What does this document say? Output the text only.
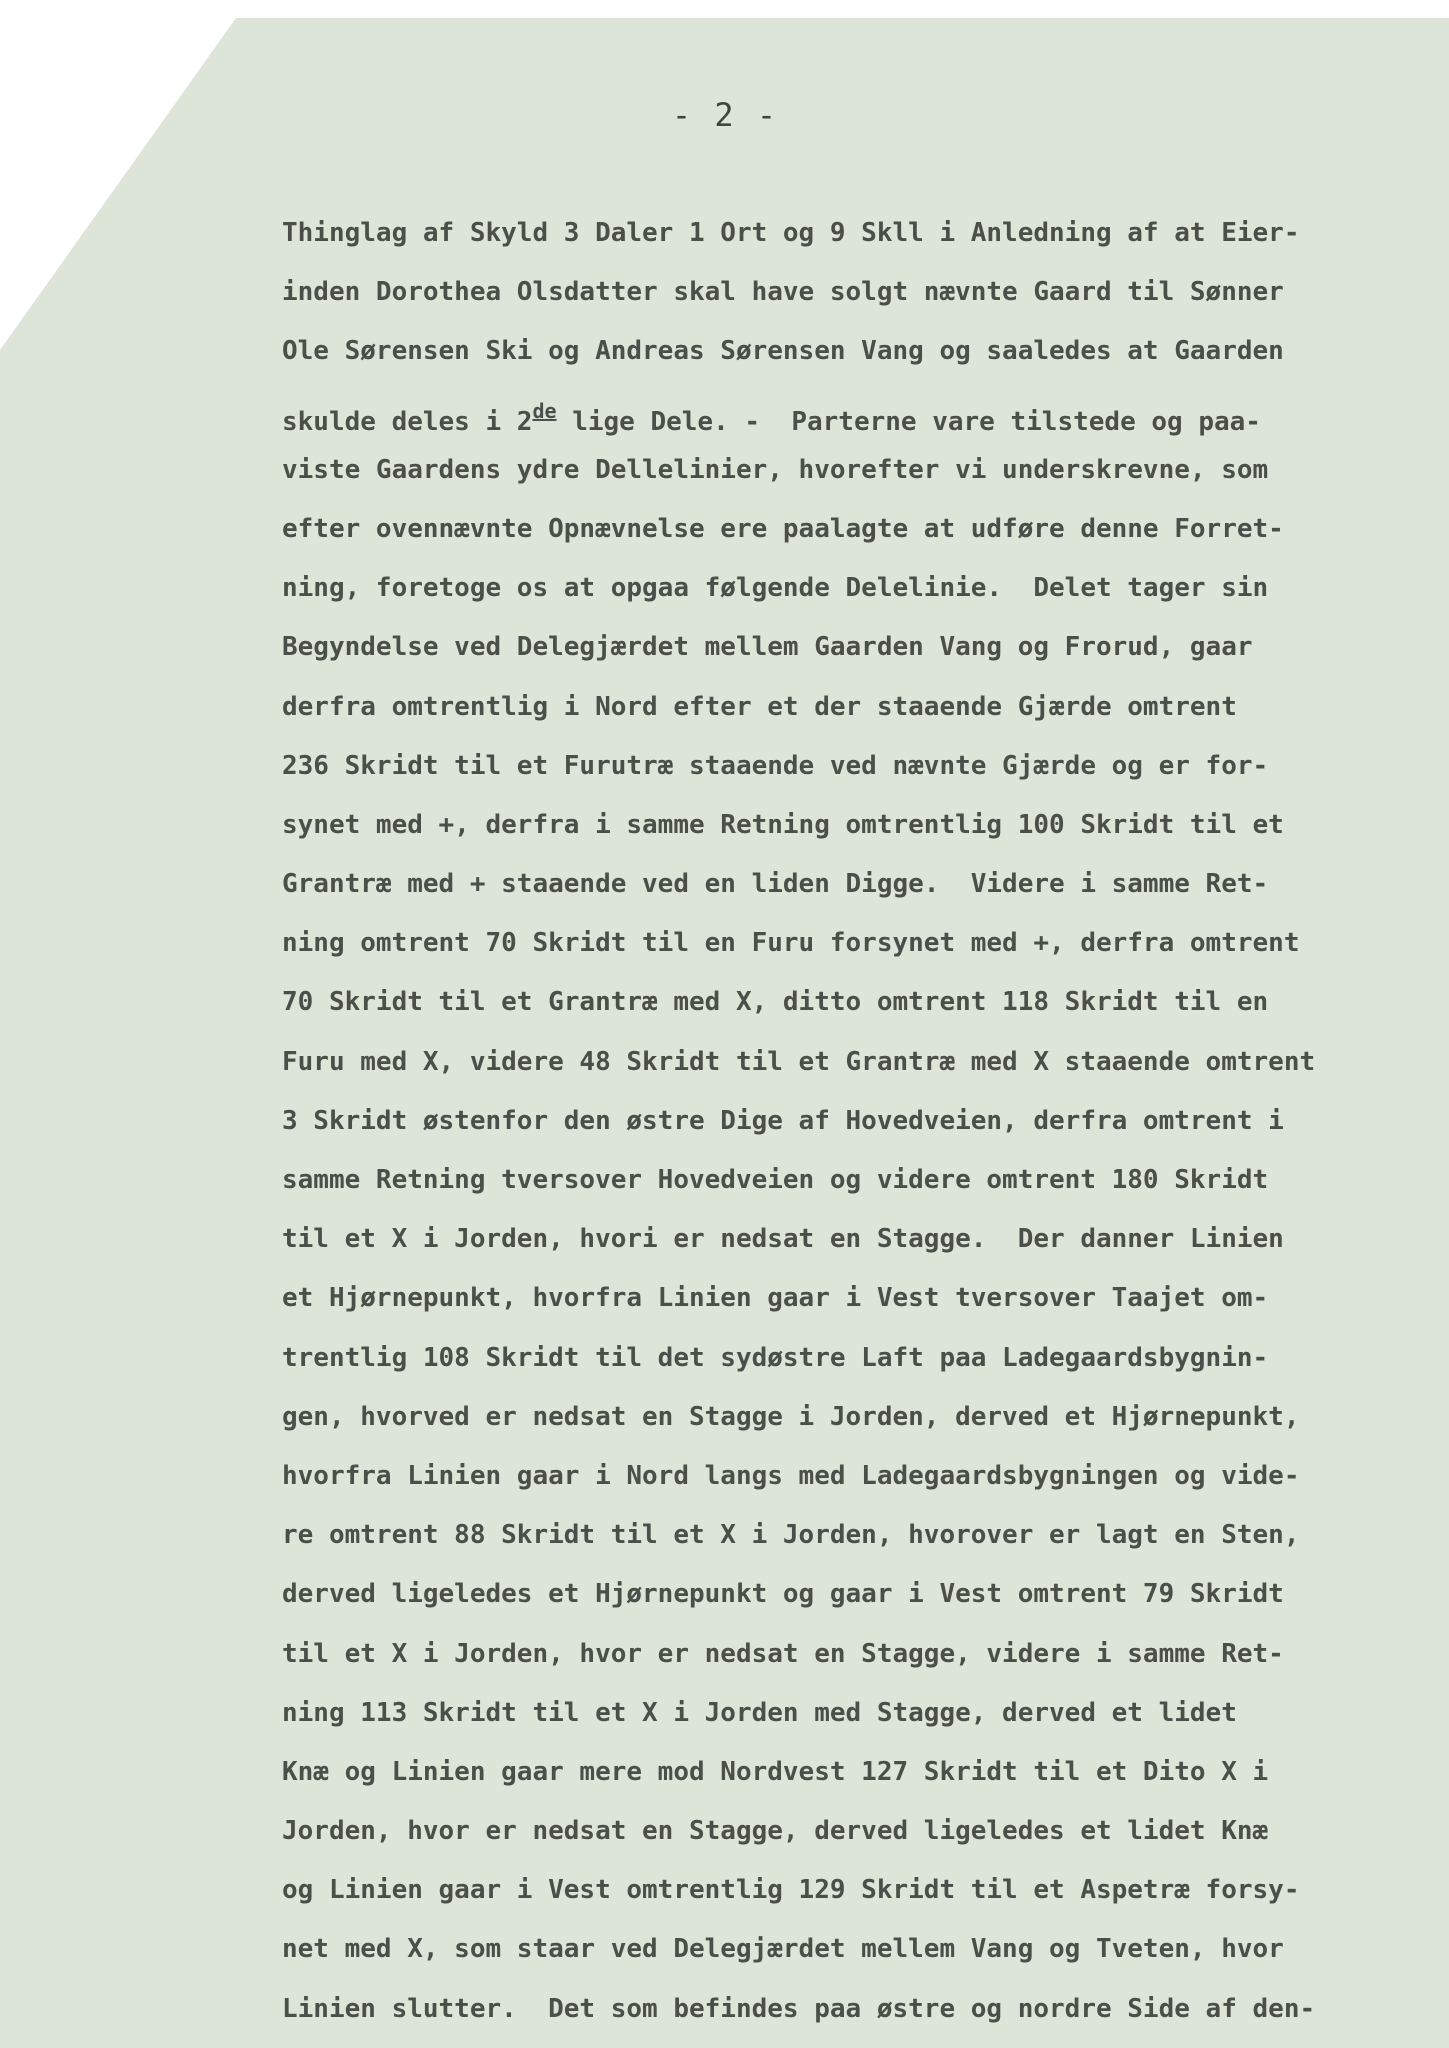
- 2 -
Thinglag af Skyld 3 Daler 1 Ort og 9 Skll i Anledning af at Eier-
inden Dorothea Olsdatter skal have solgt nævnte Gaard til Sønner
Ole Sørensen Ski og Andreas Sørensen Vang og saaledes at Gaarden
skulde deles i 2de lige Dele. -  Parterne vare tilstede og paa-
viste Gaardens ydre Dellelinier, hvorefter vi underskrevne, som
efter ovennævnte Opnævnelse ere paalagte at udføre denne Forret-
ning, foretoge os at opgaa følgende Delelinie.  Delet tager sin
Begyndelse ved Delegjærdet mellem Gaarden Vang og Frorud, gaar
derfra omtrentlig i Nord efter et der staaende Gjærde omtrent
236 Skridt til et Furutræ staaende ved nævnte Gjærde og er for-
synet med +, derfra i samme Retning omtrentlig 100 Skridt til et
Grantræ med + staaende ved en liden Digge.  Videre i samme Ret-
ning omtrent 70 Skridt til en Furu forsynet med +, derfra omtrent
70 Skridt til et Grantræ med X, ditto omtrent 118 Skridt til en
Furu med X, videre 48 Skridt til et Grantræ med X staaende omtrent
3 Skridt østenfor den østre Dige af Hovedveien, derfra omtrent i
samme Retning tversover Hovedveien og videre omtrent 180 Skridt
til et X i Jorden, hvori er nedsat en Stagge.  Der danner Linien
et Hjørnepunkt, hvorfra Linien gaar i Vest tversover Taajet om-
trentlig 108 Skridt til det sydøstre Laft paa Ladegaardsbygnin-
gen, hvorved er nedsat en Stagge i Jorden, derved et Hjørnepunkt,
hvorfra Linien gaar i Nord langs med Ladegaardsbygningen og vide-
re omtrent 88 Skridt til et X i Jorden, hvorover er lagt en Sten,
derved ligeledes et Hjørnepunkt og gaar i Vest omtrent 79 Skridt
til et X i Jorden, hvor er nedsat en Stagge, videre i samme Ret-
ning 113 Skridt til et X i Jorden med Stagge, derved et lidet
Knæ og Linien gaar mere mod Nordvest 127 Skridt til et Dito X i
Jorden, hvor er nedsat en Stagge, derved ligeledes et lidet Knæ
og Linien gaar i Vest omtrentlig 129 Skridt til et Aspetræ forsy-
net med X, som staar ved Delegjærdet mellem Vang og Tveten, hvor
Linien slutter.  Det som befindes paa østre og nordre Side af den-
